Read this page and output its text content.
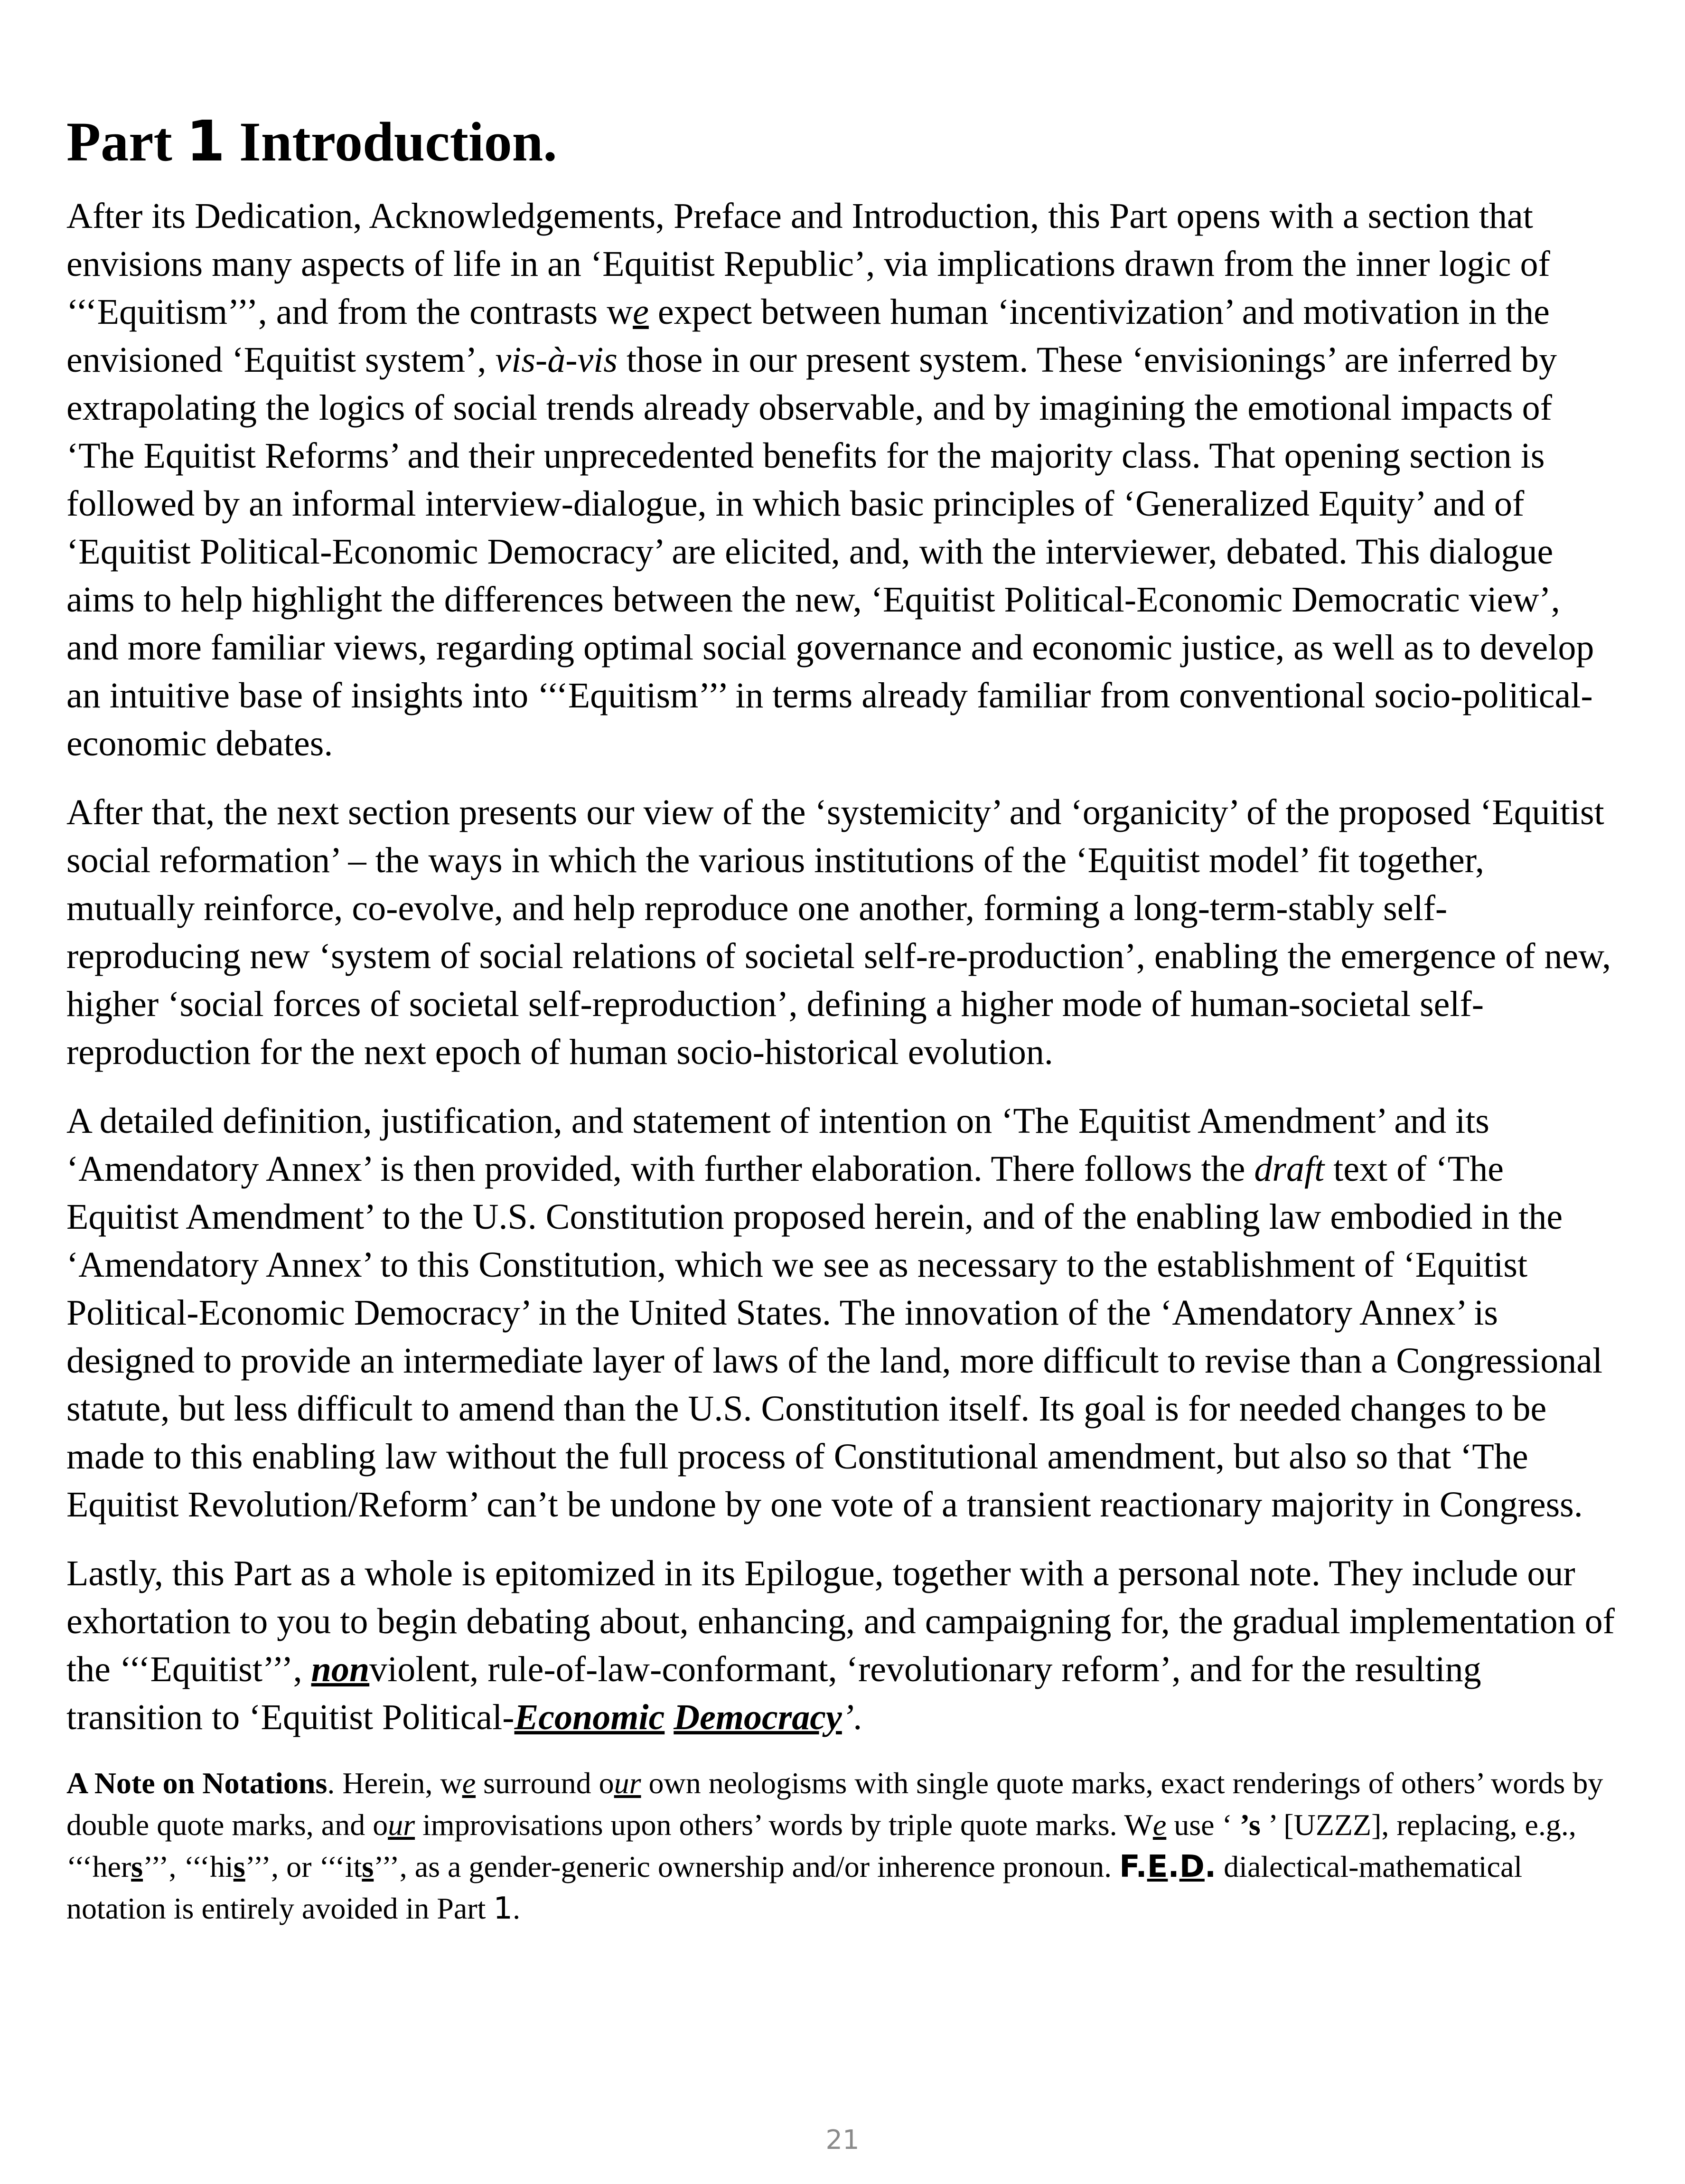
Part 1 Introduction.

After its Dedication, Acknowledgements, Preface and Introduction, this Part opens with a section that envisions many aspects of life in an ‘Equitist Republic’, via implications drawn from the inner logic of ‘‘‘Equitism’’’, and from the contrasts we expect between human ‘incentivization’ and motivation in the envisioned ‘Equitist system’, vis-à-vis those in our present system. These ‘envisionings’ are inferred by extrapolating the logics of social trends already observable, and by imagining the emotional impacts of ‘The Equitist Reforms’ and their unprecedented benefits for the majority class. That opening section is followed by an informal interview-dialogue, in which basic principles of ‘Generalized Equity’ and of ‘Equitist Political-Economic Democracy’ are elicited, and, with the interviewer, debated. This dialogue aims to help highlight the differences between the new, ‘Equitist Political-Economic Democratic view’, and more familiar views, regarding optimal social governance and economic justice, as well as to develop an intuitive base of insights into ‘‘‘Equitism’’’ in terms already familiar from conventional socio-political-economic debates.

After that, the next section presents our view of the ‘systemicity’ and ‘organicity’ of the proposed ‘Equitist social reformation’ – the ways in which the various institutions of the ‘Equitist model’ fit together, mutually reinforce, co-evolve, and help reproduce one another, forming a long-term-stably self-reproducing new ‘system of social relations of societal self-re-production’, enabling the emergence of new, higher ‘social forces of societal self-reproduction’, defining a higher mode of human-societal self-reproduction for the next epoch of human socio-historical evolution.

A detailed definition, justification, and statement of intention on ‘The Equitist Amendment’ and its ‘Amendatory Annex’ is then provided, with further elaboration. There follows the draft text of ‘The Equitist Amendment’ to the U.S. Constitution proposed herein, and of the enabling law embodied in the ‘Amendatory Annex’ to this Constitution, which we see as necessary to the establishment of ‘Equitist Political-Economic Democracy’ in the United States. The innovation of the ‘Amendatory Annex’ is designed to provide an intermediate layer of laws of the land, more difficult to revise than a Congressional statute, but less difficult to amend than the U.S. Constitution itself. Its goal is for needed changes to be made to this enabling law without the full process of Constitutional amendment, but also so that ‘The Equitist Revolution/Reform’ can’t be undone by one vote of a transient reactionary majority in Congress.

Lastly, this Part as a whole is epitomized in its Epilogue, together with a personal note. They include our exhortation to you to begin debating about, enhancing, and campaigning for, the gradual implementation of the ‘‘‘Equitist’’’, nonviolent, rule-of-law-conformant, ‘revolutionary reform’, and for the resulting transition to ‘Equitist Political-Economic Democracy’.

A Note on Notations. Herein, we surround our own neologisms with single quote marks, exact renderings of others’ words by double quote marks, and our improvisations upon others’ words by triple quote marks. We use ‘ ’s ’ [UZZZ], replacing, e.g., ‘‘‘hers’’’, ‘‘‘his’’’, or ‘‘‘its’’’, as a gender-generic ownership and/or inherence pronoun. F.E.D. dialectical-mathematical notation is entirely avoided in Part 1.

21
